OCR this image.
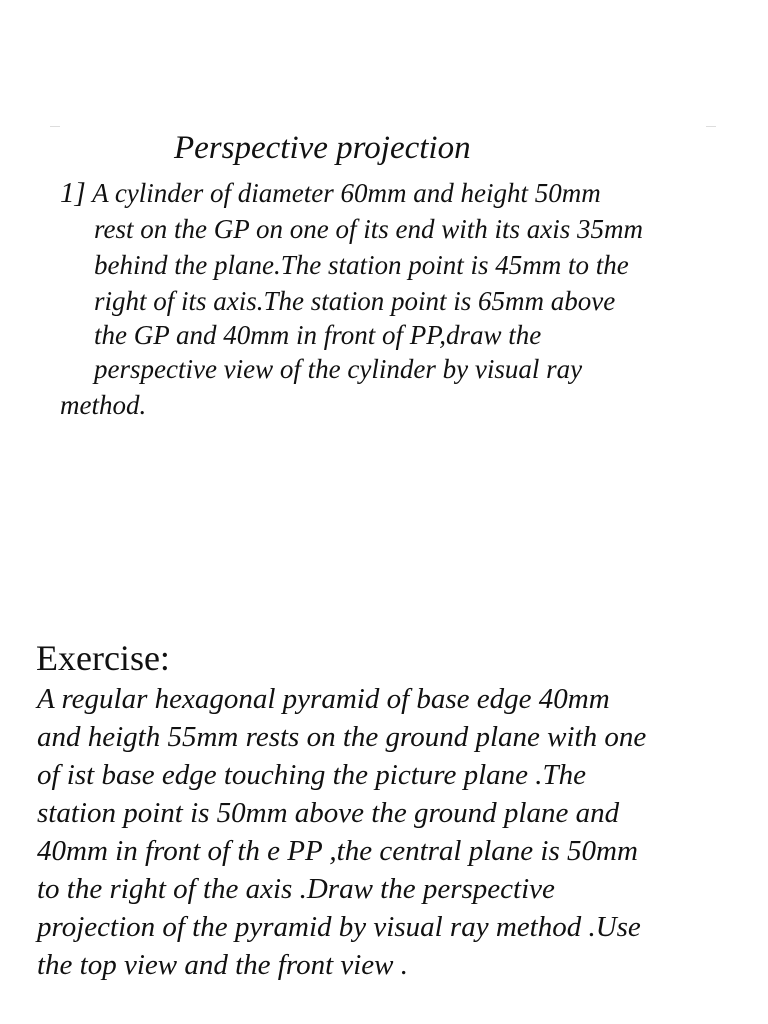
Perspective projection
1] A cylinder of diameter 60mm and height 50mm
rest on the GP on one of its end with its axis 35mm
behind the plane.The station point is 45mm to the
right of its axis.The station point is 65mm above
the GP and 40mm in front of PP,draw the
perspective view of the cylinder by visual ray
method.
Exercise:
A regular hexagonal pyramid of base edge 40mm
and heigth 55mm rests on the ground plane with one
of ist base edge touching the picture plane .The
station point is 50mm above the ground plane and
40mm in front of th e PP ,the central plane is 50mm
to the right of the axis .Draw the perspective
projection of the pyramid by visual ray method .Use
the top view and the front view .
